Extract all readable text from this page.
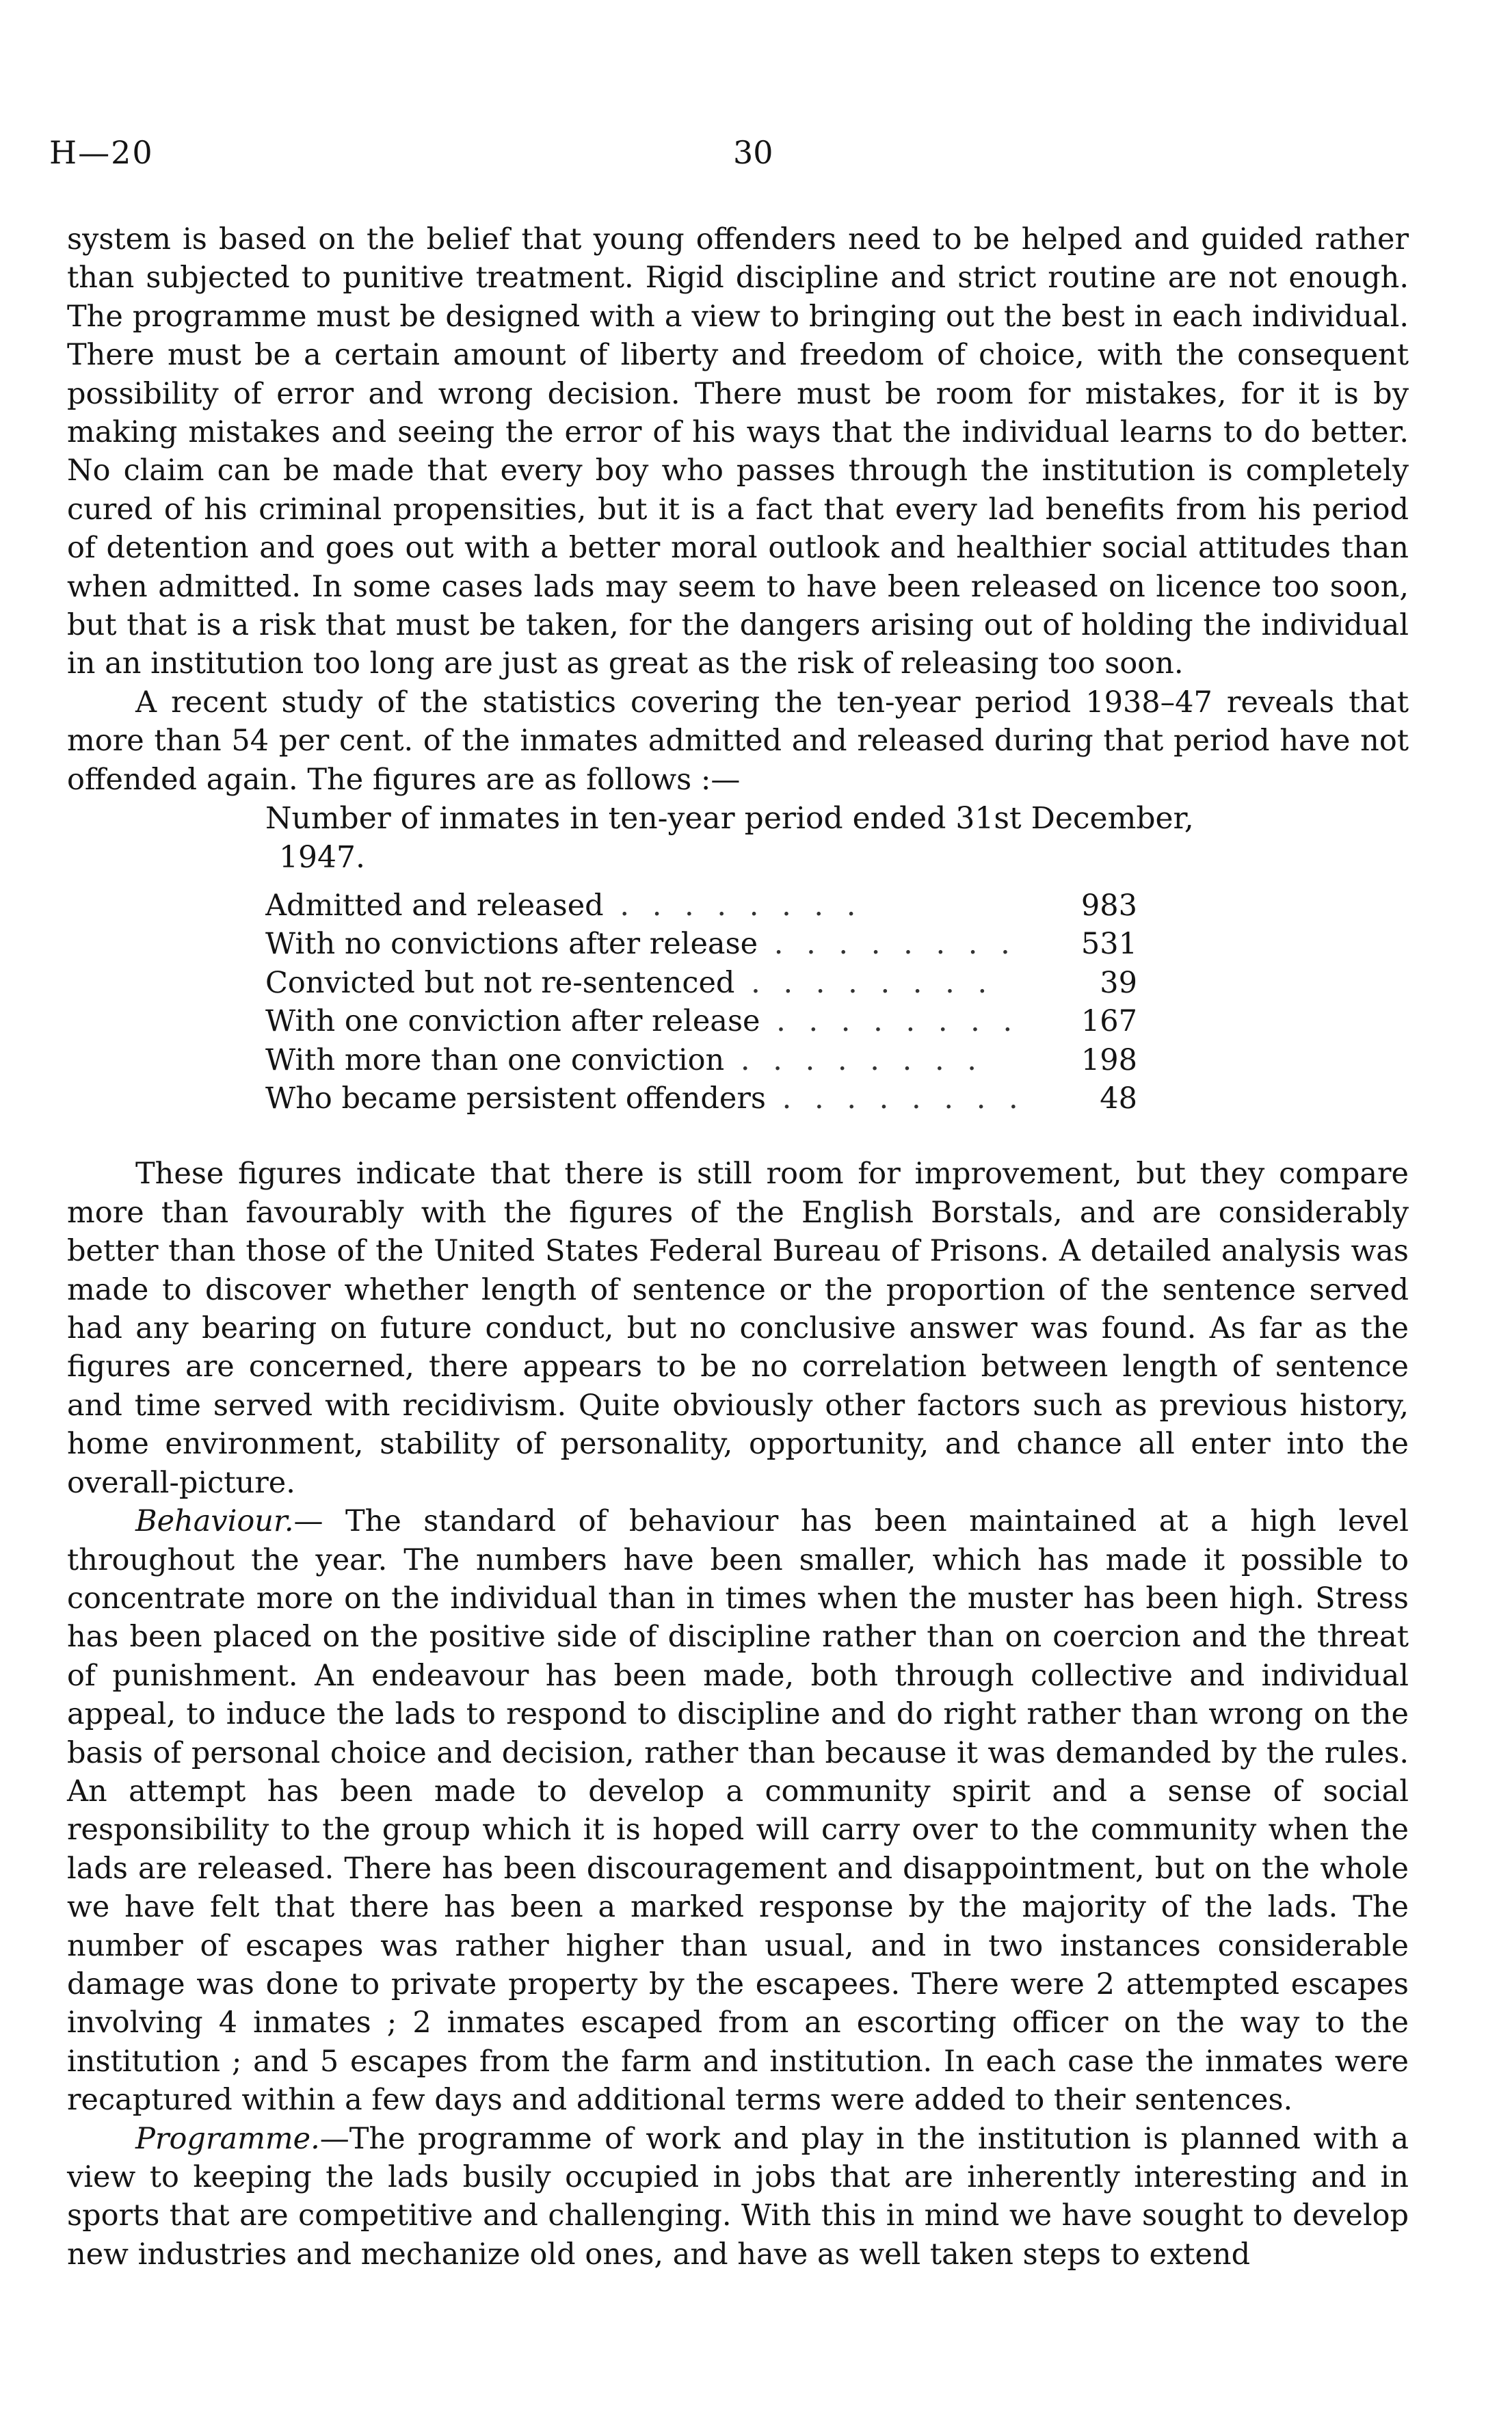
H—20	30

system is based on the belief that young offenders need to be helped and guided rather than subjected to punitive treatment. Rigid discipline and strict routine are not enough. The programme must be designed with a view to bringing out the best in each individual. There must be a certain amount of liberty and freedom of choice, with the consequent possibility of error and wrong decision. There must be room for mistakes, for it is by making mistakes and seeing the error of his ways that the individual learns to do better. No claim can be made that every boy who passes through the institution is completely cured of his criminal propensities, but it is a fact that every lad benefits from his period of detention and goes out with a better moral outlook and healthier social attitudes than when admitted. In some cases lads may seem to have been released on licence too soon, but that is a risk that must be taken, for the dangers arising out of holding the individual in an institution too long are just as great as the risk of releasing too soon.

A recent study of the statistics covering the ten-year period 1938–47 reveals that more than 54 per cent. of the inmates admitted and released during that period have not offended again. The figures are as follows :—

Number of inmates in ten-year period ended 31st December,
1947.
Admitted and released . .	983
With no convictions after release . .	531
Convicted but not re-sentenced . .	39
With one conviction after release . .	167
With more than one conviction . .	198
Who became persistent offenders . .	48

These figures indicate that there is still room for improvement, but they compare more than favourably with the figures of the English Borstals, and are considerably better than those of the United States Federal Bureau of Prisons. A detailed analysis was made to discover whether length of sentence or the proportion of the sentence served had any bearing on future conduct, but no conclusive answer was found. As far as the figures are concerned, there appears to be no correlation between length of sentence and time served with recidivism. Quite obviously other factors such as previous history, home environment, stability of personality, opportunity, and chance all enter into the overall-picture.

Behaviour.— The standard of behaviour has been maintained at a high level throughout the year. The numbers have been smaller, which has made it possible to concentrate more on the individual than in times when the muster has been high. Stress has been placed on the positive side of discipline rather than on coercion and the threat of punishment. An endeavour has been made, both through collective and individual appeal, to induce the lads to respond to discipline and do right rather than wrong on the basis of personal choice and decision, rather than because it was demanded by the rules. An attempt has been made to develop a community spirit and a sense of social responsibility to the group which it is hoped will carry over to the community when the lads are released. There has been discouragement and disappointment, but on the whole we have felt that there has been a marked response by the majority of the lads. The number of escapes was rather higher than usual, and in two instances considerable damage was done to private property by the escapees. There were 2 attempted escapes involving 4 inmates ; 2 inmates escaped from an escorting officer on the way to the institution ; and 5 escapes from the farm and institution. In each case the inmates were recaptured within a few days and additional terms were added to their sentences.

Programme.—The programme of work and play in the institution is planned with a view to keeping the lads busily occupied in jobs that are inherently interesting and in sports that are competitive and challenging. With this in mind we have sought to develop new industries and mechanize old ones, and have as well taken steps to extend
